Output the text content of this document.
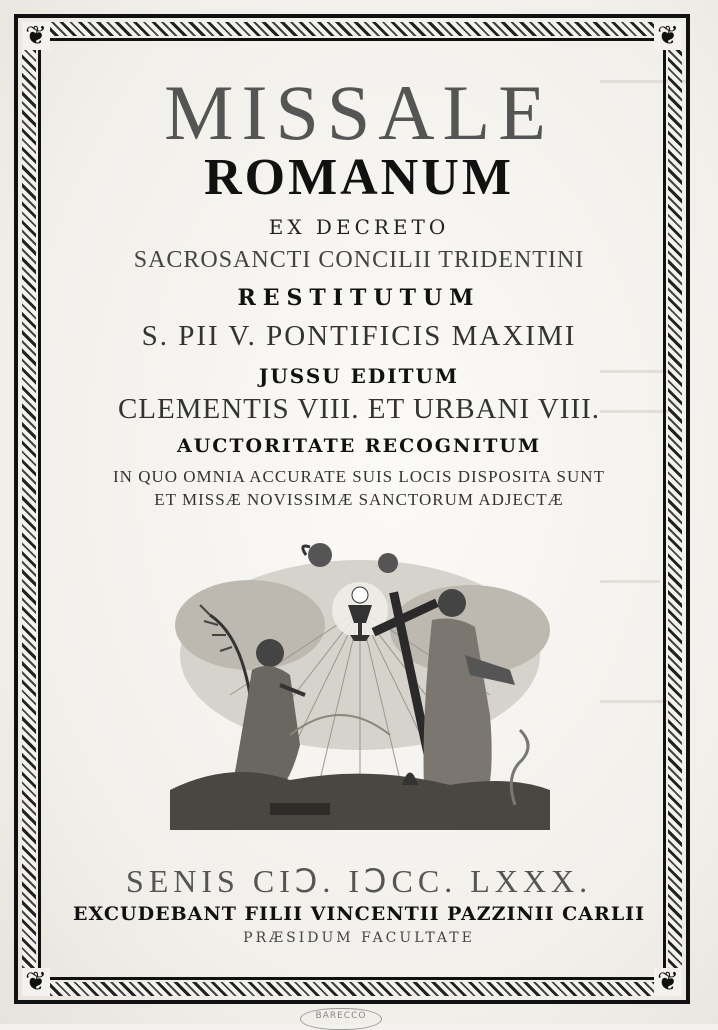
❦	❦
❦	❦
MISSALE
ROMANUM
EX DECRETO
SACROSANCTI CONCILII TRIDENTINI
RESTITUTUM
S. PII V. PONTIFICIS MAXIMI
JUSSU EDITUM
CLEMENTIS VIII. ET URBANI VIII.
AUCTORITATE RECOGNITUM
IN QUO OMNIA ACCURATE SUIS LOCIS DISPOSITA SUNT
ET MISSÆ NOVISSIMÆ SANCTORUM ADJECTÆ
SENIS CIↃ. IↃCC. LXXX.
EXCUDEBANT FILII VINCENTII PAZZINII CARLII
PRÆSIDUM FACULTATE
BARECCO
